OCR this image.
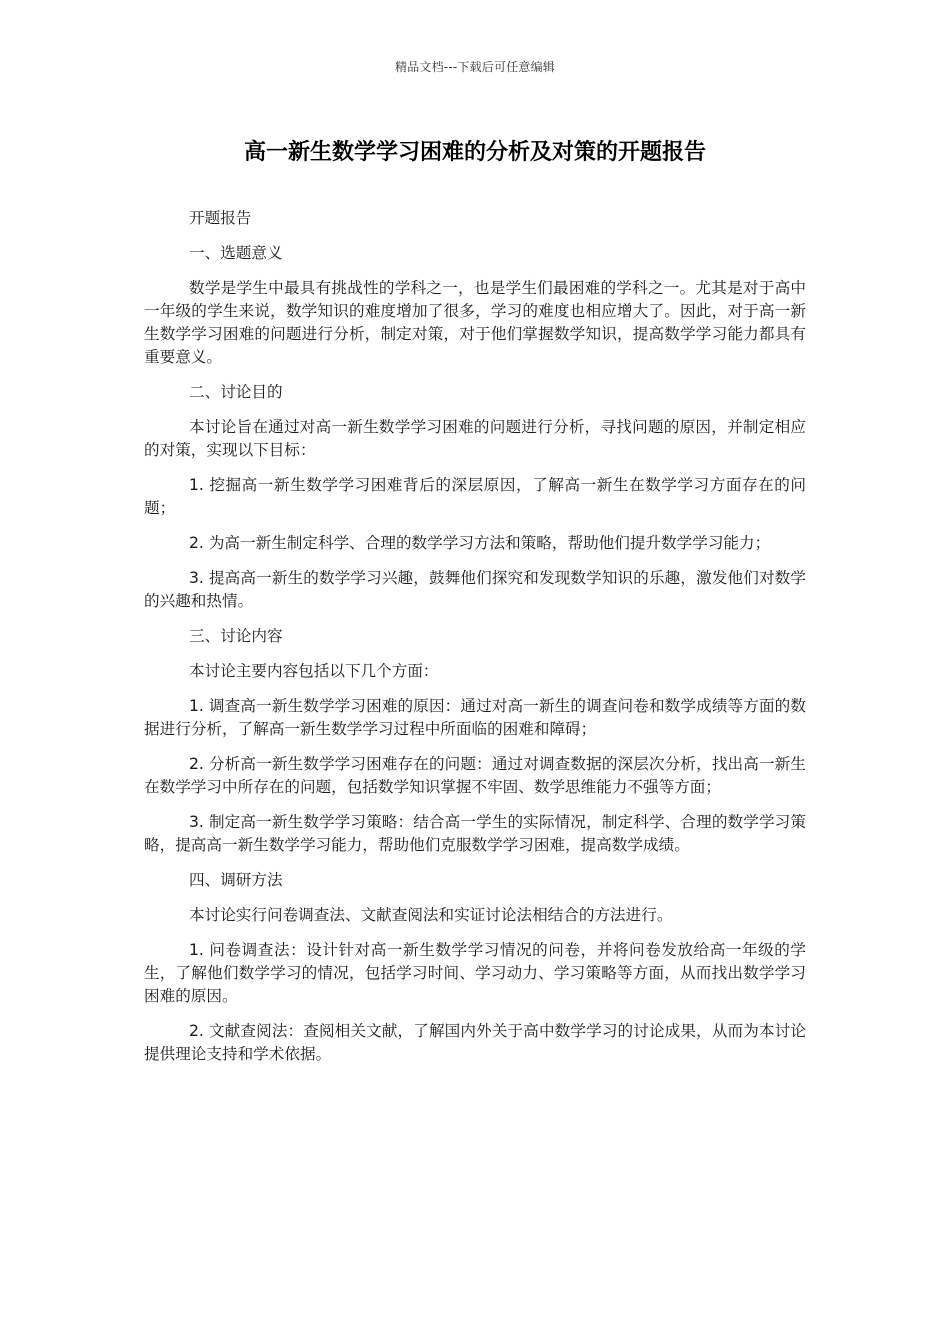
精品文档---下载后可任意编辑
高一新生数学学习困难的分析及对策的开题报告

开题报告

一、选题意义

数学是学生中最具有挑战性的学科之一，也是学生们最困难的学科之一。尤其是对于高中一年级的学生来说，数学知识的难度增加了很多，学习的难度也相应增大了。因此，对于高一新生数学学习困难的问题进行分析，制定对策，对于他们掌握数学知识，提高数学学习能力都具有重要意义。

二、讨论目的

本讨论旨在通过对高一新生数学学习困难的问题进行分析，寻找问题的原因，并制定相应的对策，实现以下目标：

1. 挖掘高一新生数学学习困难背后的深层原因，了解高一新生在数学学习方面存在的问题；

2. 为高一新生制定科学、合理的数学学习方法和策略，帮助他们提升数学学习能力；

3. 提高高一新生的数学学习兴趣，鼓舞他们探究和发现数学知识的乐趣，激发他们对数学的兴趣和热情。

三、讨论内容

本讨论主要内容包括以下几个方面：

1. 调查高一新生数学学习困难的原因：通过对高一新生的调查问卷和数学成绩等方面的数据进行分析，了解高一新生数学学习过程中所面临的困难和障碍；

2. 分析高一新生数学学习困难存在的问题：通过对调查数据的深层次分析，找出高一新生在数学学习中所存在的问题，包括数学知识掌握不牢固、数学思维能力不强等方面；

3. 制定高一新生数学学习策略：结合高一学生的实际情况，制定科学、合理的数学学习策略，提高高一新生数学学习能力，帮助他们克服数学学习困难，提高数学成绩。

四、调研方法

本讨论实行问卷调查法、文献查阅法和实证讨论法相结合的方法进行。

1. 问卷调查法：设计针对高一新生数学学习情况的问卷，并将问卷发放给高一年级的学生，了解他们数学学习的情况，包括学习时间、学习动力、学习策略等方面，从而找出数学学习困难的原因。

2. 文献查阅法：查阅相关文献，了解国内外关于高中数学学习的讨论成果，从而为本讨论提供理论支持和学术依据。
